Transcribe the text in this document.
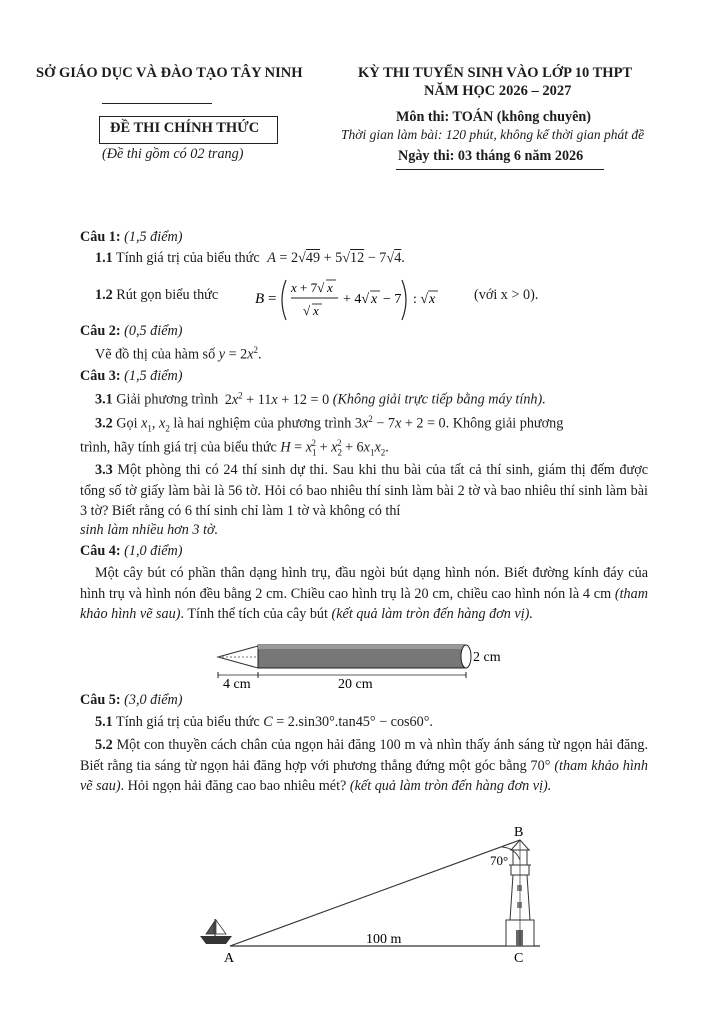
SỞ GIÁO DỤC VÀ ĐÀO TẠO TÂY NINH	KỲ THI TUYỂN SINH VÀO LỚP 10 THPT
NĂM HỌC 2026 – 2027
ĐỀ THI CHÍNH THỨC
(Đề thi gồm có 02 trang)
Môn thi: TOÁN (không chuyên)
Thời gian làm bài: 120 phút, không kể thời gian phát đề
Ngày thi: 03 tháng 6 năm 2026
Câu 1: (1,5 điểm)
1.1 Tính giá trị của biểu thức A = 2√49 + 5√12 − 7√4.
1.2 Rút gọn biểu thức B =
x + 7√ x
√ x
+ 4√ x − 7 : √ x	(với x > 0).
Câu 2: (0,5 điểm)
Vẽ đồ thị của hàm số $y = 2x^2$.
Câu 3: (1,5 điểm)
3.1 Giải phương trình $2x^2 + 11x + 12 = 0$ (Không giải trực tiếp bằng máy tính).
3.2 Gọi $x_1$, $x_2$ là hai nghiệm của phương trình $3x^2 - 7x + 2 = 0$. Không giải phương
trình, hãy tính giá trị của biểu thức $H = x_1^2 + x_2^2 + 6x_1x_2$.
3.3 Một phòng thi có 24 thí sinh dự thi. Sau khi thu bài của tất cả thí sinh, giám thị đếm được tổng số tờ giấy làm bài là 56 tờ. Hỏi có bao nhiêu thí sinh làm bài 2 tờ và bao nhiêu thí sinh làm bài 3 tờ? Biết rằng có 6 thí sinh chỉ làm 1 tờ và không có thí
sinh làm nhiều hơn 3 tờ.
Câu 4: (1,0 điểm)
Một cây bút có phần thân dạng hình trụ, đầu ngòi bút dạng hình nón. Biết đường kính đáy của hình trụ và hình nón đều bằng 2 cm. Chiều cao hình trụ là 20 cm, chiều cao hình nón là 4 cm (tham khảo hình vẽ sau). Tính thể tích của cây bút (kết quả làm tròn đến hàng đơn vị).
4 cm	20 cm
2 cm
Câu 5: (3,0 điểm)
5.1 Tính giá trị của biểu thức C = 2.sin30°.tan45° − cos60°.
5.2 Một con thuyền cách chân của ngọn hải đăng 100 m và nhìn thấy ánh sáng từ ngọn hải đăng. Biết rằng tia sáng từ ngọn hải đăng hợp với phương thẳng đứng một góc bằng 70° (tham khảo hình vẽ sau). Hỏi ngọn hải đăng cao bao nhiêu mét? (kết quả làm tròn đến hàng đơn vị).
A
B
C
70°
100 m
